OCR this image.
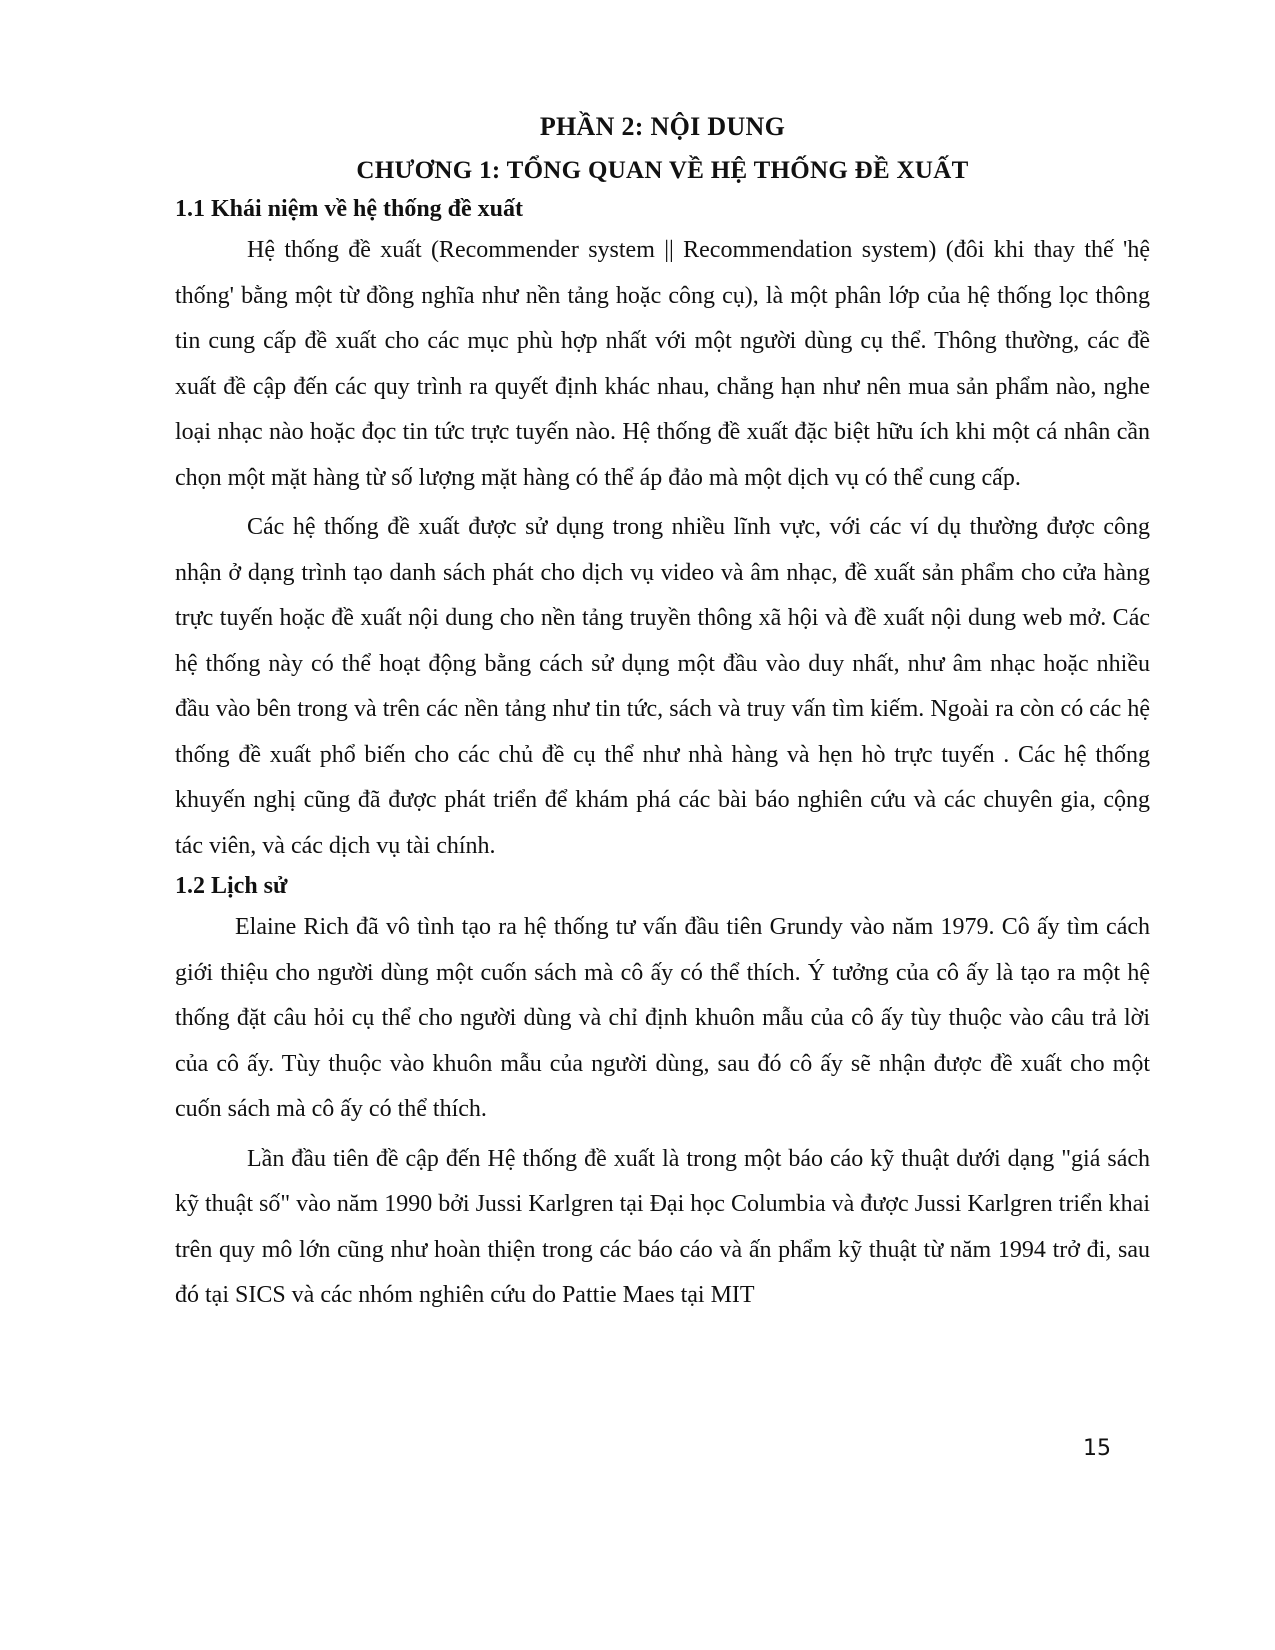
PHẦN 2: NỘI DUNG
CHƯƠNG 1: TỔNG QUAN VỀ HỆ THỐNG ĐỀ XUẤT
1.1 Khái niệm về hệ thống đề xuất

Hệ thống đề xuất (Recommender system || Recommendation system) (đôi khi thay thế 'hệ thống' bằng một từ đồng nghĩa như nền tảng hoặc công cụ), là một phân lớp của hệ thống lọc thông tin cung cấp đề xuất cho các mục phù hợp nhất với một người dùng cụ thể. Thông thường, các đề xuất đề cập đến các quy trình ra quyết định khác nhau, chẳng hạn như nên mua sản phẩm nào, nghe loại nhạc nào hoặc đọc tin tức trực tuyến nào. Hệ thống đề xuất đặc biệt hữu ích khi một cá nhân cần chọn một mặt hàng từ số lượng mặt hàng có thể áp đảo mà một dịch vụ có thể cung cấp.

Các hệ thống đề xuất được sử dụng trong nhiều lĩnh vực, với các ví dụ thường được công nhận ở dạng trình tạo danh sách phát cho dịch vụ video và âm nhạc, đề xuất sản phẩm cho cửa hàng trực tuyến hoặc đề xuất nội dung cho nền tảng truyền thông xã hội và đề xuất nội dung web mở. Các hệ thống này có thể hoạt động bằng cách sử dụng một đầu vào duy nhất, như âm nhạc hoặc nhiều đầu vào bên trong và trên các nền tảng như tin tức, sách và truy vấn tìm kiếm. Ngoài ra còn có các hệ thống đề xuất phổ biến cho các chủ đề cụ thể như nhà hàng và hẹn hò trực tuyến . Các hệ thống khuyến nghị cũng đã được phát triển để khám phá các bài báo nghiên cứu và các chuyên gia, cộng tác viên, và các dịch vụ tài chính.

1.2 Lịch sử

Elaine Rich đã vô tình tạo ra hệ thống tư vấn đầu tiên Grundy vào năm 1979. Cô ấy tìm cách giới thiệu cho người dùng một cuốn sách mà cô ấy có thể thích. Ý tưởng của cô ấy là tạo ra một hệ thống đặt câu hỏi cụ thể cho người dùng và chỉ định khuôn mẫu của cô ấy tùy thuộc vào câu trả lời của cô ấy. Tùy thuộc vào khuôn mẫu của người dùng, sau đó cô ấy sẽ nhận được đề xuất cho một cuốn sách mà cô ấy có thể thích.

Lần đầu tiên đề cập đến Hệ thống đề xuất là trong một báo cáo kỹ thuật dưới dạng "giá sách kỹ thuật số" vào năm 1990 bởi Jussi Karlgren tại Đại học Columbia và được Jussi Karlgren triển khai trên quy mô lớn cũng như hoàn thiện trong các báo cáo và ấn phẩm kỹ thuật từ năm 1994 trở đi, sau đó tại SICS và các nhóm nghiên cứu do Pattie Maes tại MIT

15
